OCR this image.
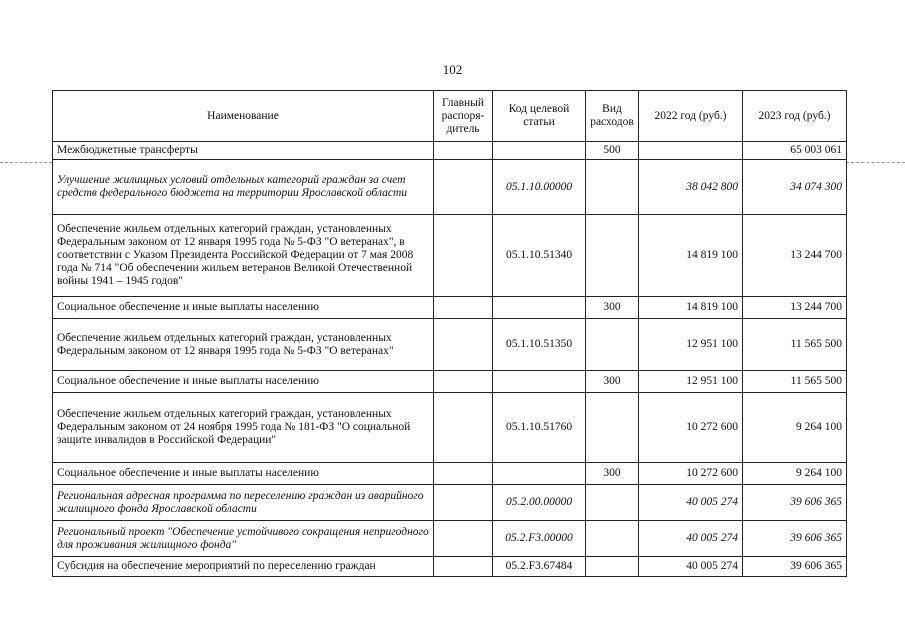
102
Наименование	Главный распоря-дитель	Код целевой статьи	Вид расходов	2022 год (руб.)	2023 год (руб.)
Межбюджетные трансферты			500		65 003 061
Улучшение жилищных условий отдельных категорий граждан за счет средств федерального бюджета на территории Ярославской области		05.1.10.00000		38 042 800	34 074 300
Обеспечение жильем отдельных категорий граждан, установленных Федеральным законом от 12 января 1995 года № 5-ФЗ "О ветеранах", в соответствии с Указом Президента Российской Федерации от 7 мая 2008 года № 714 "Об обеспечении жильем ветеранов Великой Отечественной войны 1941 – 1945 годов"		05.1.10.51340		14 819 100	13 244 700
Социальное обеспечение и иные выплаты населению			300	14 819 100	13 244 700
Обеспечение жильем отдельных категорий граждан, установленных Федеральным законом от 12 января 1995 года № 5-ФЗ "О ветеранах"		05.1.10.51350		12 951 100	11 565 500
Социальное обеспечение и иные выплаты населению			300	12 951 100	11 565 500
Обеспечение жильем отдельных категорий граждан, установленных Федеральным законом от 24 ноября 1995 года № 181-ФЗ "О социальной защите инвалидов в Российской Федерации"		05.1.10.51760		10 272 600	9 264 100
Социальное обеспечение и иные выплаты населению			300	10 272 600	9 264 100
Региональная адресная программа по переселению граждан из аварийного жилищного фонда Ярославской области		05.2.00.00000		40 005 274	39 606 365
Региональный проект "Обеспечение устойчивого сокращения непригодного для проживания жилищного фонда"		05.2.F3.00000		40 005 274	39 606 365
Субсидия на обеспечение мероприятий по переселению граждан		05.2.F3.67484		40 005 274	39 606 365
